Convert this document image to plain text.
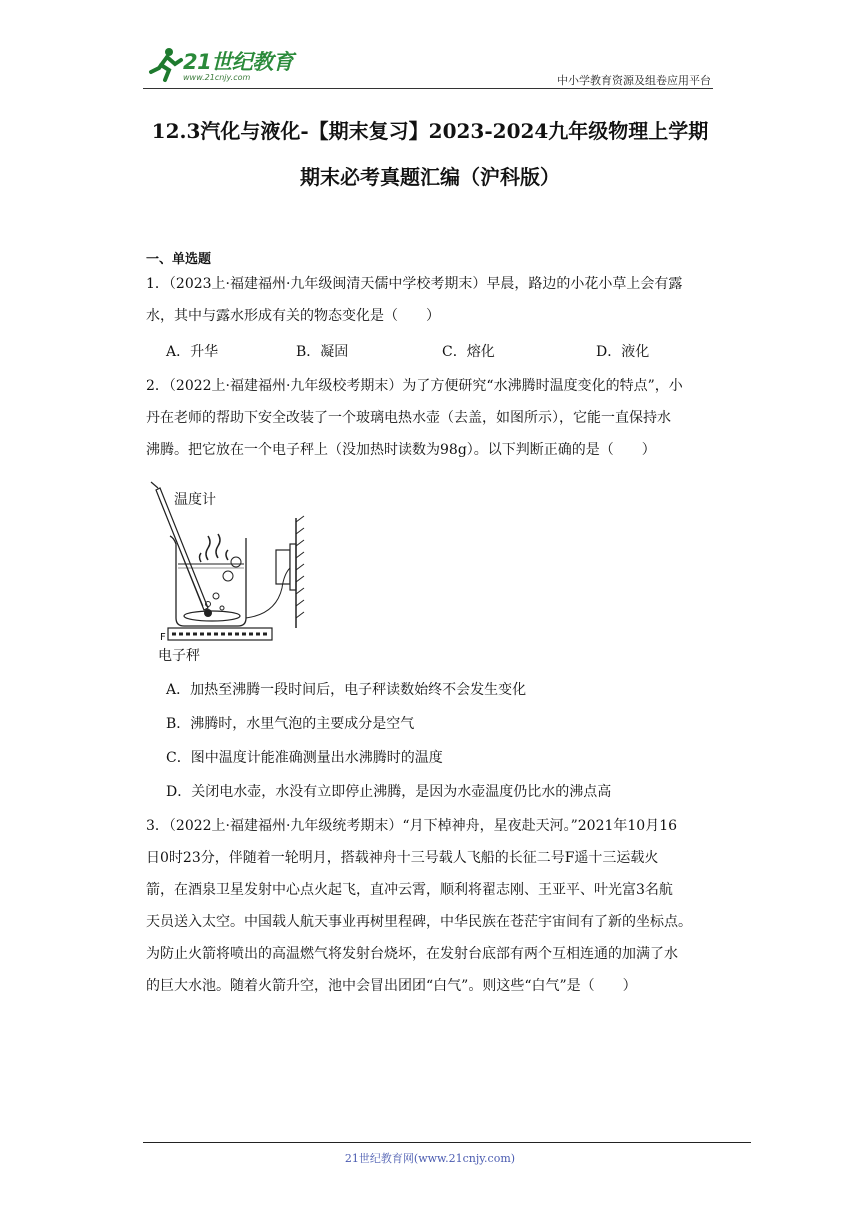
21世纪教育
www.21cnjy.com	中小学教育资源及组卷应用平台
12.3汽化与液化-【期末复习】2023-2024九年级物理上学期
期末必考真题汇编（沪科版）
一、单选题
1．（2023上·福建福州·九年级闽清天儒中学校考期末）早晨，路边的小花小草上会有露
水，其中与露水形成有关的物态变化是（　　）
A．升华	B．凝固	C．熔化	D．液化
2．（2022上·福建福州·九年级校考期末）为了方便研究“水沸腾时温度变化的特点”，小
丹在老师的帮助下安全改装了一个玻璃电热水壶（去盖，如图所示），它能一直保持水
沸腾。把它放在一个电子秤上（没加热时读数为98g）。以下判断正确的是（　　）
温度计
F
电子秤
A．加热至沸腾一段时间后，电子秤读数始终不会发生变化
B．沸腾时，水里气泡的主要成分是空气
C．图中温度计能准确测量出水沸腾时的温度
D．关闭电水壶，水没有立即停止沸腾，是因为水壶温度仍比水的沸点高
3．（2022上·福建福州·九年级统考期末）“月下棹神舟，星夜赴天河。”2021年10月16
日0时23分，伴随着一轮明月，搭载神舟十三号载人飞船的长征二号F遥十三运载火
箭，在酒泉卫星发射中心点火起飞，直冲云霄，顺利将翟志刚、王亚平、叶光富3名航
天员送入太空。中国载人航天事业再树里程碑，中华民族在苍茫宇宙间有了新的坐标点。
为防止火箭将喷出的高温燃气将发射台烧坏，在发射台底部有两个互相连通的加满了水
的巨大水池。随着火箭升空，池中会冒出团团“白气”。则这些“白气”是（　　）
21世纪教育网(www.21cnjy.com)
